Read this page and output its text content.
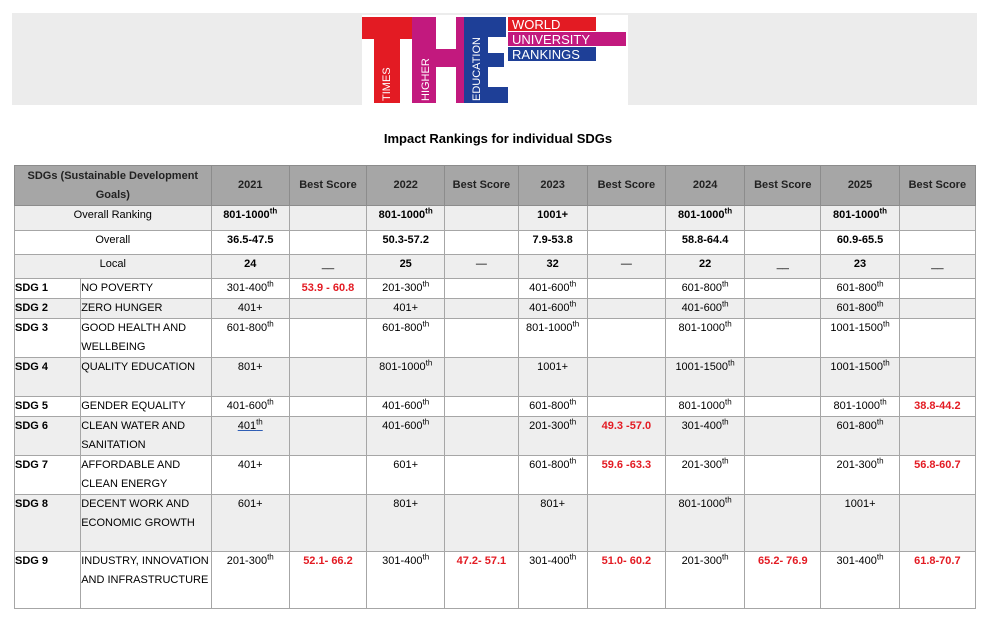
TIMES HIGHER	EDUCATION
WORLD
UNIVERSITY
RANKINGS
Impact Rankings for individual SDGs
SDGs (Sustainable Development Goals)		2021	Best Score	2022	Best Score	2023	Best Score	2024	Best Score	2025	Best Score
Overall Ranking		801-1000th		801-1000th		1001+		801-1000th		801-1000th	
Overall		36.5-47.5		50.3-57.2		7.9-53.8		58.8-64.4		60.9-65.5	
Local		24	__	25	—	32	—	22	__	23	__
SDG 1	NO POVERTY	301-400th	53.9 - 60.8	201-300th		401-600th		601-800th		601-800th	
SDG 2	ZERO HUNGER	401+		401+		401-600th		401-600th		601-800th	
SDG 3	GOOD HEALTH AND WELLBEING	601-800th		601-800th		801-1000th		801-1000th		1001-1500th	
SDG 4	QUALITY EDUCATION	801+		801-1000th		1001+		1001-1500th		1001-1500th	
SDG 5	GENDER EQUALITY	401-600th		401-600th		601-800th		801-1000th		801-1000th	38.8-44.2
SDG 6	CLEAN WATER AND SANITATION	401th		401-600th		201-300th	49.3 -57.0	301-400th		601-800th	
SDG 7	AFFORDABLE AND CLEAN ENERGY	401+		601+		601-800th	59.6 -63.3	201-300th		201-300th	56.8-60.7
SDG 8	DECENT WORK AND ECONOMIC GROWTH	601+		801+		801+		801-1000th		1001+	
SDG 9	INDUSTRY, INNOVATION AND INFRASTRUCTURE	201-300th	52.1- 66.2	301-400th	47.2- 57.1	301-400th	51.0- 60.2	201-300th	65.2- 76.9	301-400th	61.8-70.7
